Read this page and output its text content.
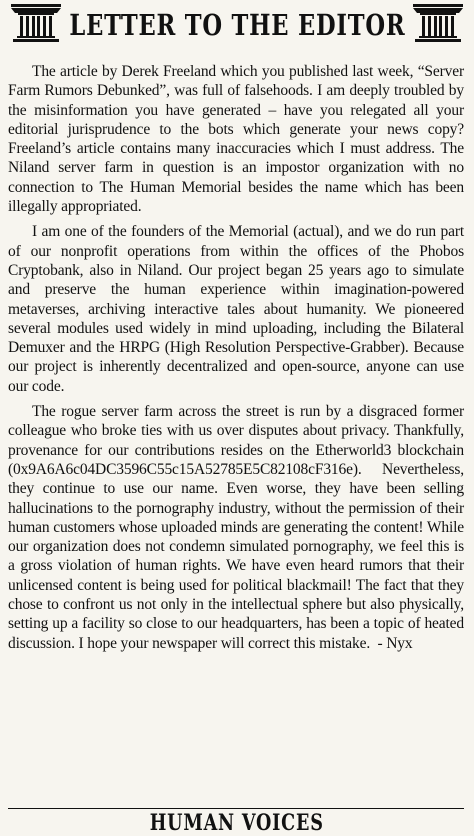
LETTER TO THE EDITOR

The article by Derek Freeland which you published last week, “Server Farm Rumors Debunked”, was full of falsehoods. I am deeply troubled by the misinformation you have generated – have you relegated all your editorial jurisprudence to the bots which generate your news copy? Freeland’s article contains many inaccuracies which I must address. The Niland server farm in question is an impostor organization with no connection to The Human Memorial besides the name which has been illegally appropriated.

I am one of the founders of the Memorial (actual), and we do run part of our nonprofit operations from within the offices of the Phobos Cryptobank, also in Niland. Our project began 25 years ago to simulate and preserve the human experience within imagination-powered metaverses, archiving interactive tales about humanity. We pioneered several modules used widely in mind uploading, including the Bilateral Demuxer and the HRPG (High Resolution Perspective-Grabber). Because our project is inherently decentralized and open-source, anyone can use our code.

The rogue server farm across the street is run by a disgraced former colleague who broke ties with us over disputes about privacy. Thankfully, provenance for our contributions resides on the Etherworld3 blockchain (0x9A6A6c04DC3596C55c15A52785E5C82108cF316e). Nevertheless, they continue to use our name. Even worse, they have been selling hallucinations to the pornography industry, without the permission of their human customers whose uploaded minds are generating the content! While our organization does not condemn simulated pornography, we feel this is a gross violation of human rights. We have even heard rumors that their unlicensed content is being used for political blackmail! The fact that they chose to confront us not only in the intellectual sphere but also physically, setting up a facility so close to our headquarters, has been a topic of heated discussion. I hope your newspaper will correct this mistake. - Nyx

HUMAN VOICES
